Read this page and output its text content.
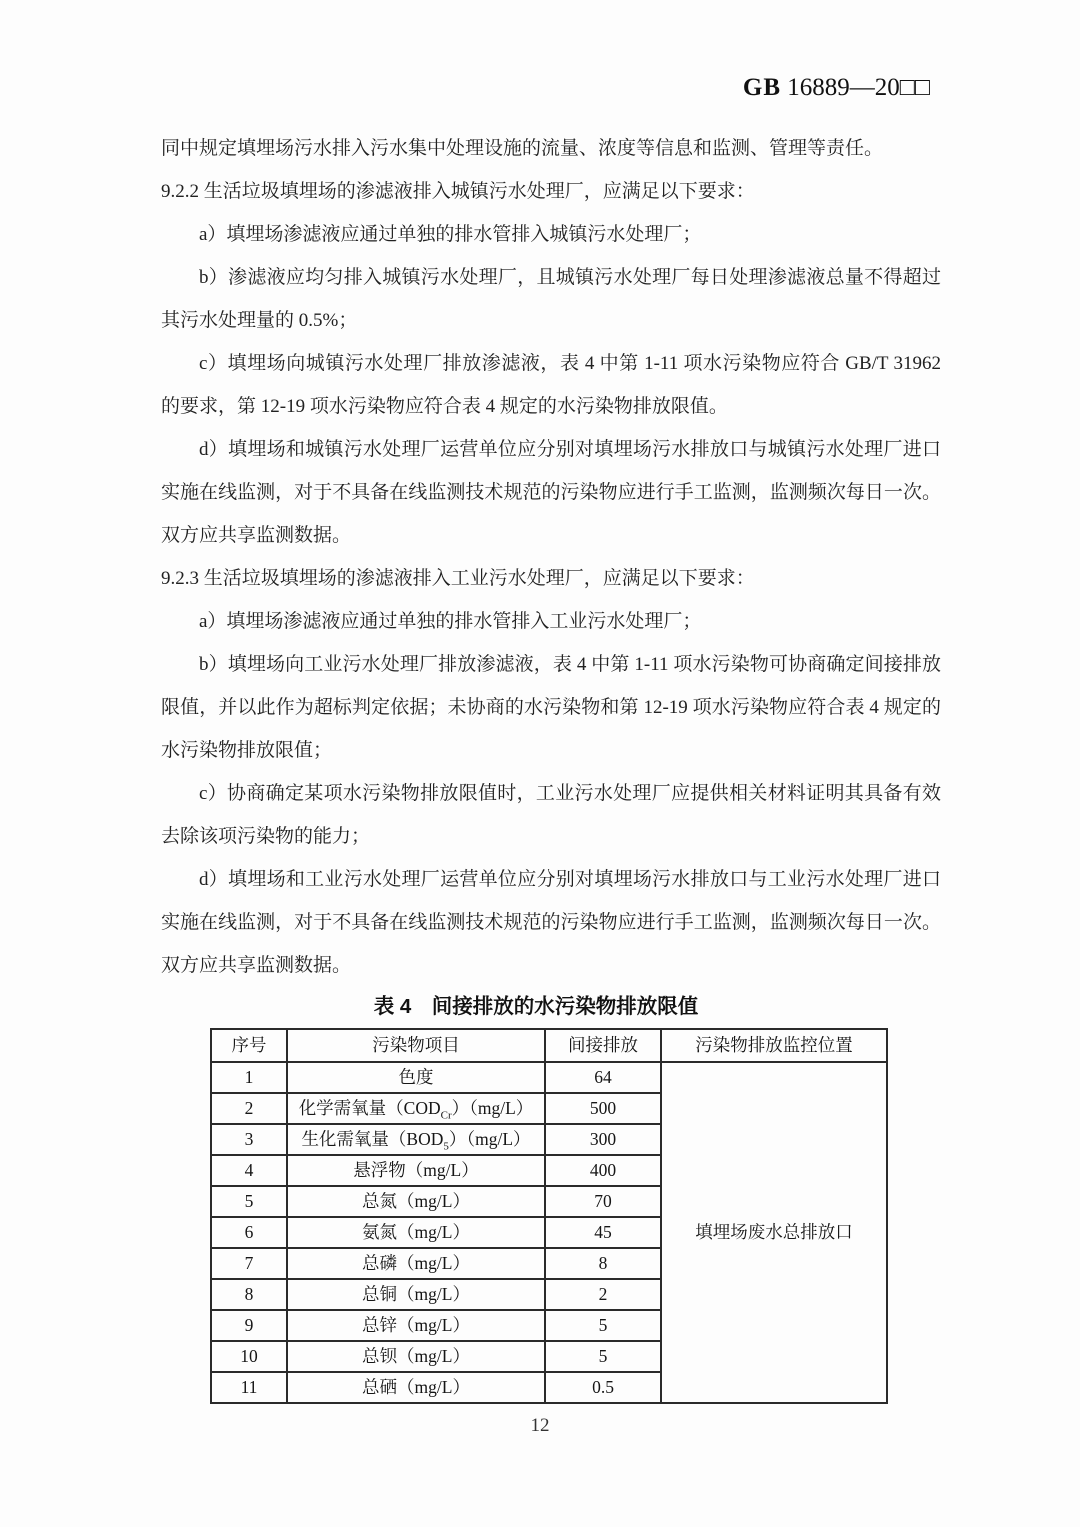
GB 16889—20□□

同中规定填埋场污水排入污水集中处理设施的流量、浓度等信息和监测、管理等责任。

9.2.2 生活垃圾填埋场的渗滤液排入城镇污水处理厂，应满足以下要求：

a）填埋场渗滤液应通过单独的排水管排入城镇污水处理厂；

b）渗滤液应均匀排入城镇污水处理厂，且城镇污水处理厂每日处理渗滤液总量不得超过其污水处理量的 0.5%；

c）填埋场向城镇污水处理厂排放渗滤液，表 4 中第 1-11 项水污染物应符合 GB/T 31962 的要求，第 12-19 项水污染物应符合表 4 规定的水污染物排放限值。

d）填埋场和城镇污水处理厂运营单位应分别对填埋场污水排放口与城镇污水处理厂进口实施在线监测，对于不具备在线监测技术规范的污染物应进行手工监测，监测频次每日一次。双方应共享监测数据。

9.2.3 生活垃圾填埋场的渗滤液排入工业污水处理厂，应满足以下要求：

a）填埋场渗滤液应通过单独的排水管排入工业污水处理厂；

b）填埋场向工业污水处理厂排放渗滤液，表 4 中第 1-11 项水污染物可协商确定间接排放限值，并以此作为超标判定依据；未协商的水污染物和第 12-19 项水污染物应符合表 4 规定的水污染物排放限值；

c）协商确定某项水污染物排放限值时，工业污水处理厂应提供相关材料证明其具备有效去除该项污染物的能力；

d）填埋场和工业污水处理厂运营单位应分别对填埋场污水排放口与工业污水处理厂进口实施在线监测，对于不具备在线监测技术规范的污染物应进行手工监测，监测频次每日一次。双方应共享监测数据。

表 4　间接排放的水污染物排放限值
序号	污染物项目	间接排放	污染物排放监控位置
1	色度	64	填埋场废水总排放口
2	化学需氧量$(COD_{Cr})(mg/L)$	500	
3	生化需氧量$(BOD_5)(mg/L)$	300	
4	悬浮物（mg/L）	400	
5	总氮（mg/L）	70	
6	氨氮（mg/L）	45	
7	总磷（mg/L）	8	
8	总铜（mg/L）	2	
9	总锌（mg/L）	5	
10	总钡（mg/L）	5	
11	总硒（mg/L）	0.5	
12
